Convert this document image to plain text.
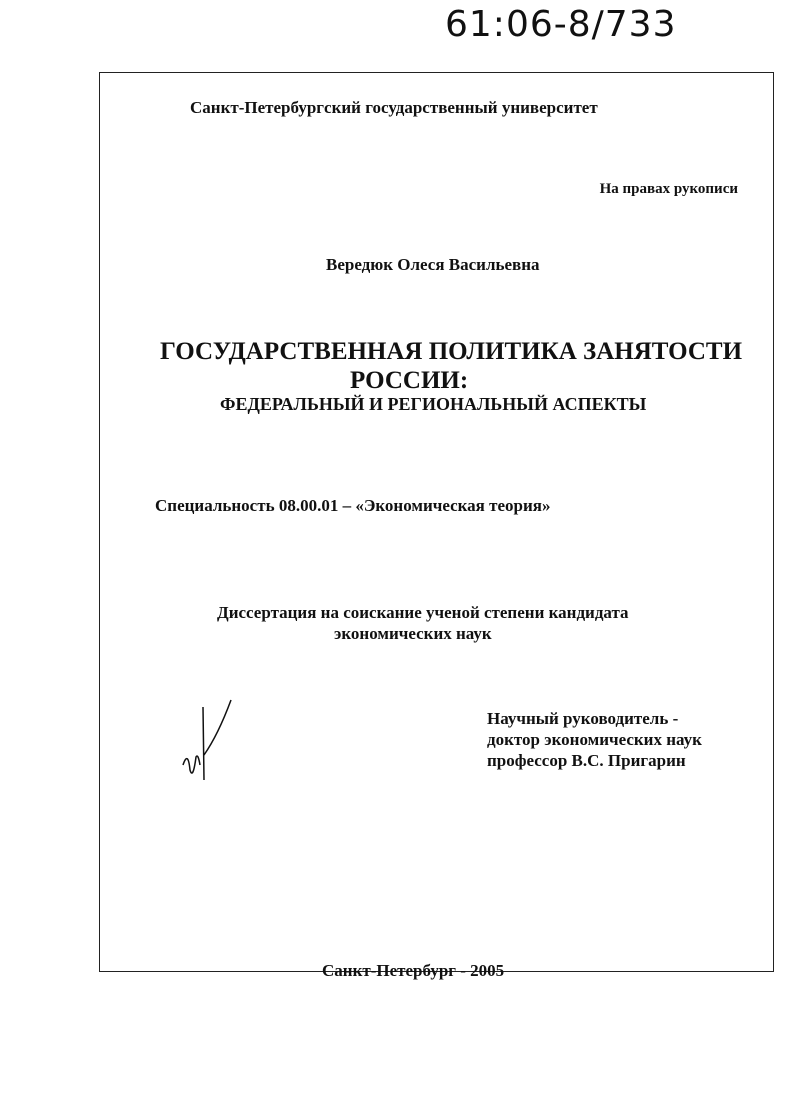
61:06-8/733
Санкт-Петербургский государственный университет
На правах рукописи
Вередюк Олеся Васильевна
ГОСУДАРСТВЕННАЯ ПОЛИТИКА ЗАНЯТОСТИ
РОССИИ:
ФЕДЕРАЛЬНЫЙ И РЕГИОНАЛЬНЫЙ АСПЕКТЫ
Специальность 08.00.01 – «Экономическая теория»
Диссертация на соискание ученой степени кандидата
экономических наук
Научный руководитель -
доктор экономических наук
профессор В.С. Пригарин
Санкт-Петербург - 2005
